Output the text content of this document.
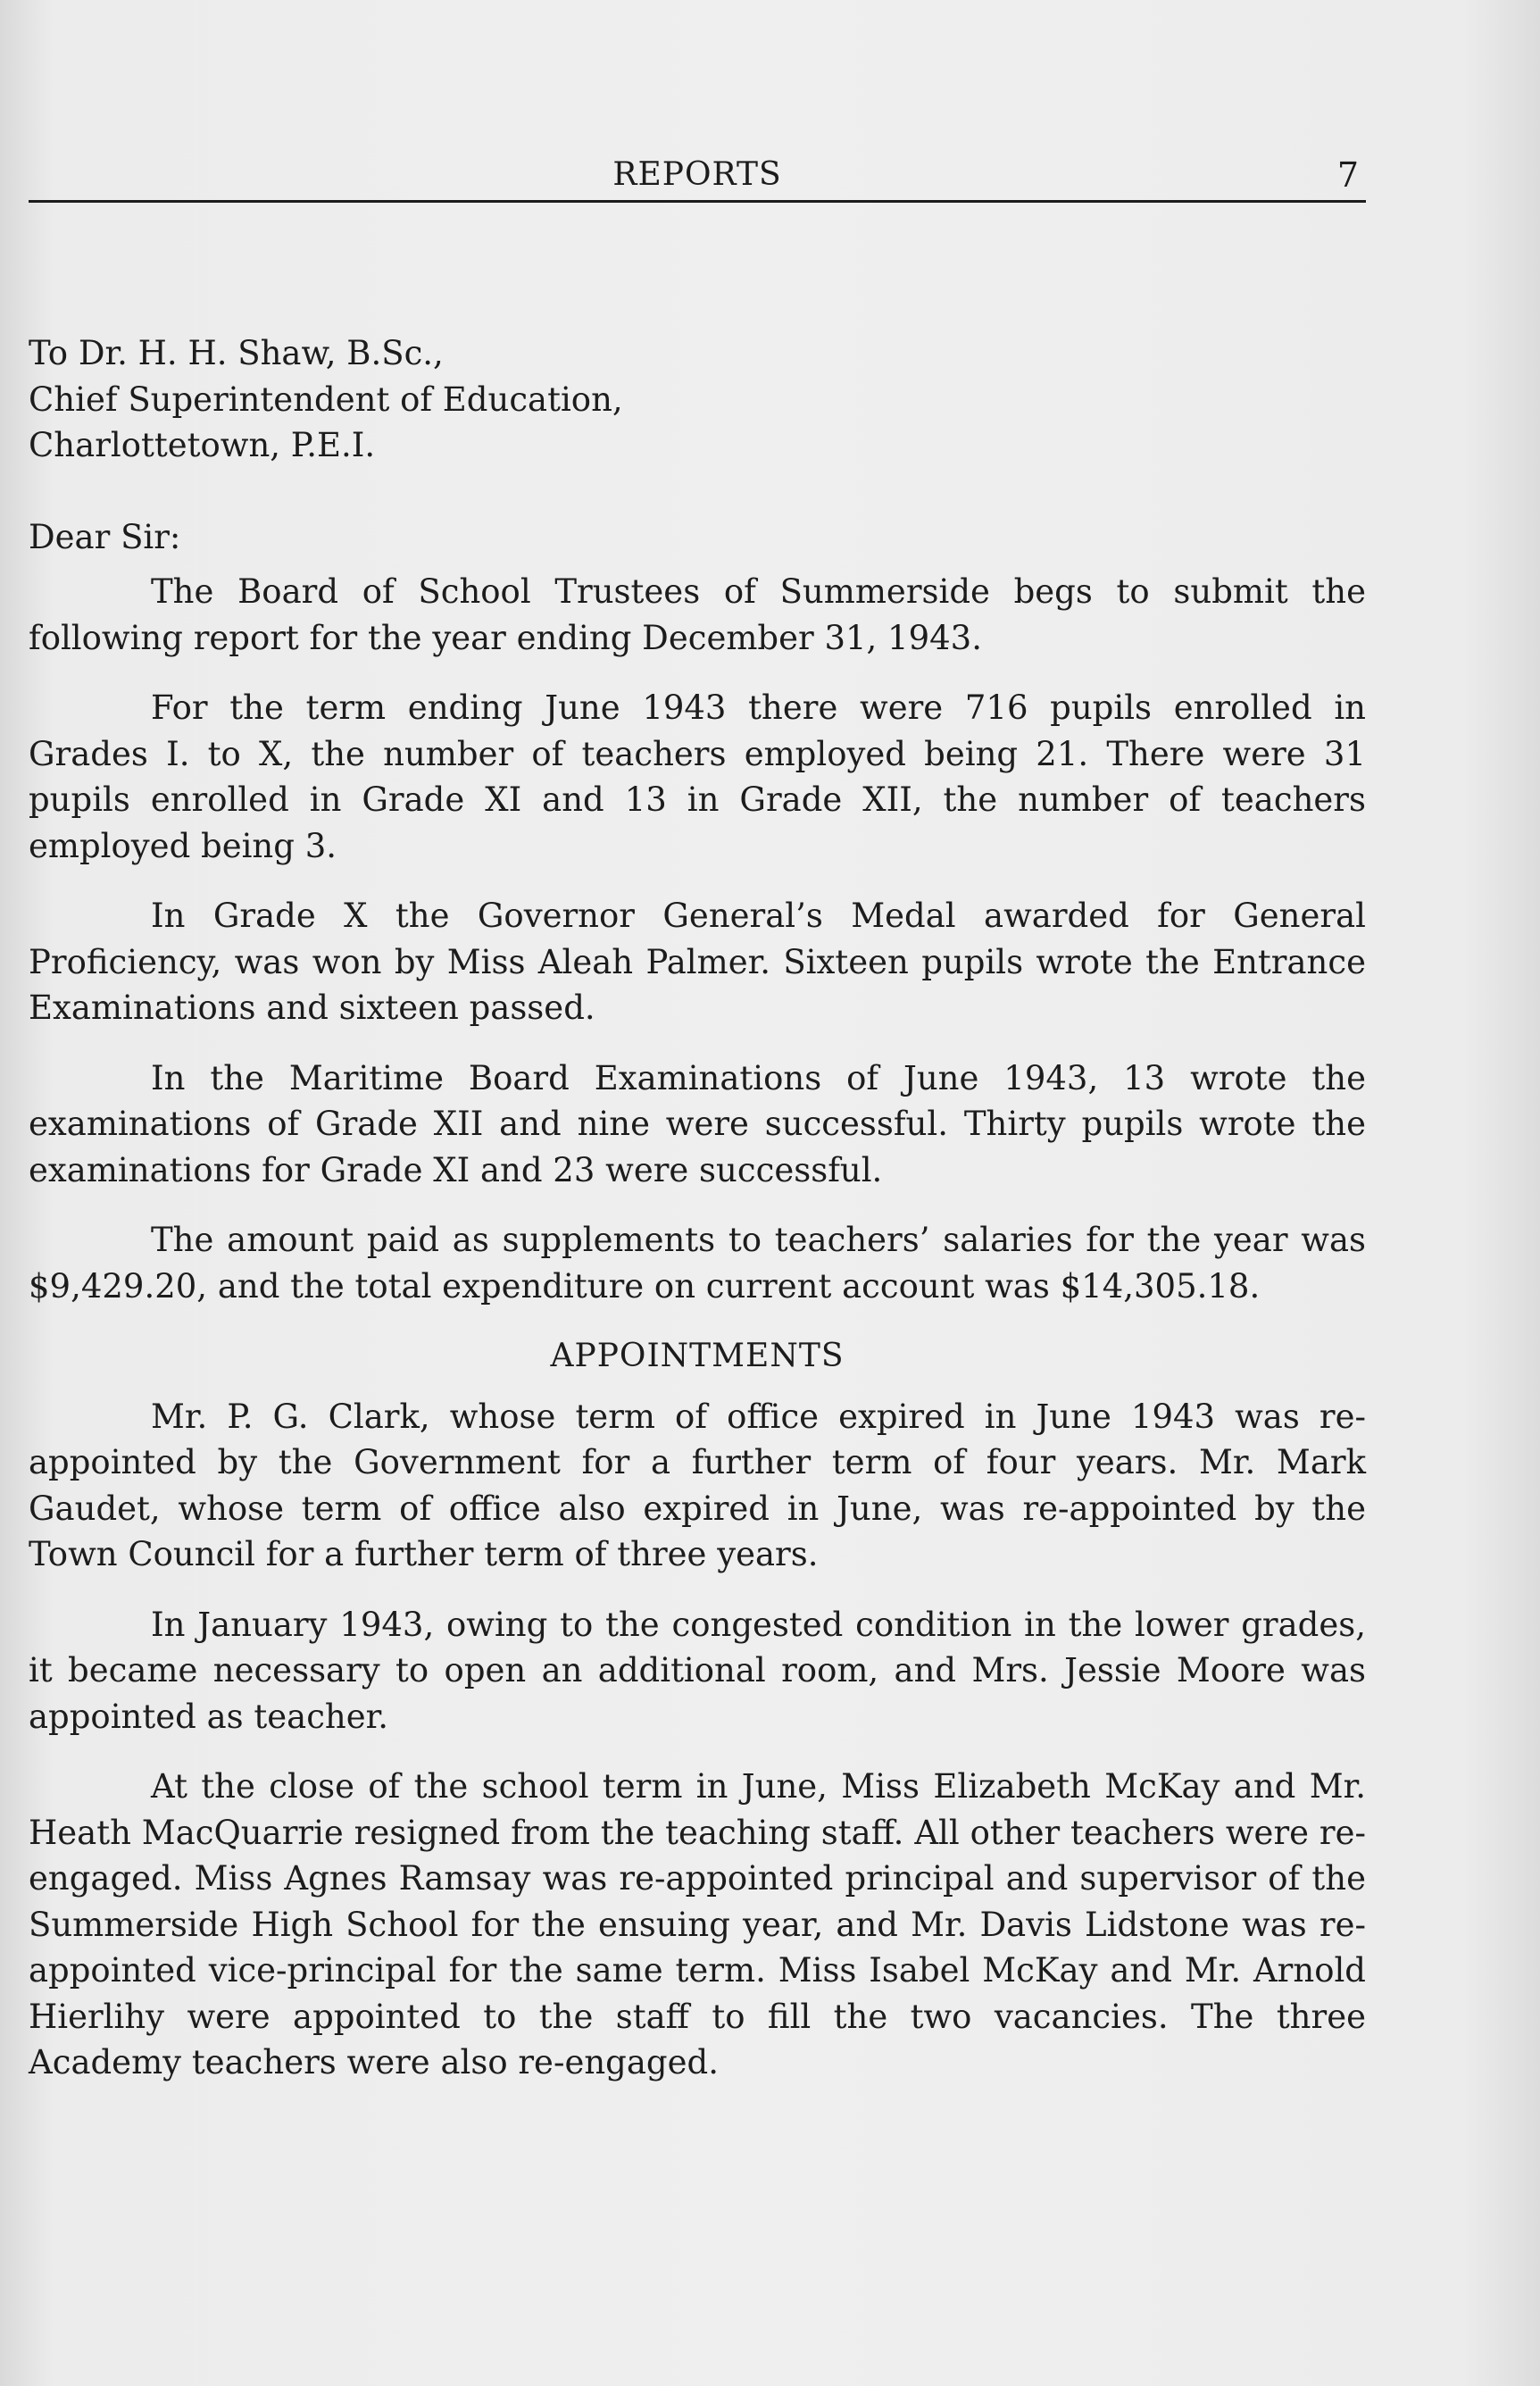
REPORTS	7

To Dr. H. H. Shaw, B.Sc.,

Chief Superintendent of Education,

Charlottetown, P.E.I.

Dear Sir:

The Board of School Trustees of Summerside begs to submit the following report for the year ending December 31, 1943.

For the term ending June 1943 there were 716 pupils enrolled in Grades I. to X, the number of teachers employed being 21. There were 31 pupils enrolled in Grade XI and 13 in Grade XII, the number of teachers employed being 3.

In Grade X the Governor General’s Medal awarded for General Proficiency, was won by Miss Aleah Palmer. Sixteen pupils wrote the Entrance Examinations and sixteen passed.

In the Maritime Board Examinations of June 1943, 13 wrote the examinations of Grade XII and nine were successful. Thirty pupils wrote the examinations for Grade XI and 23 were successful.

The amount paid as supplements to teachers’ salaries for the year was $9,429.20, and the total expenditure on current account was $14,305.18.

APPOINTMENTS

Mr. P. G. Clark, whose term of office expired in June 1943 was re-appointed by the Government for a further term of four years. Mr. Mark Gaudet, whose term of office also expired in June, was re-appointed by the Town Council for a further term of three years.

In January 1943, owing to the congested condition in the lower grades, it became necessary to open an additional room, and Mrs. Jessie Moore was appointed as teacher.

At the close of the school term in June, Miss Elizabeth McKay and Mr. Heath MacQuarrie resigned from the teaching staff. All other teachers were re-engaged. Miss Agnes Ramsay was re-appointed principal and supervisor of the Summerside High School for the ensuing year, and Mr. Davis Lidstone was re-appointed vice-principal for the same term. Miss Isabel McKay and Mr. Arnold Hierlihy were appointed to the staff to fill the two vacancies. The three Academy teachers were also re-engaged.
